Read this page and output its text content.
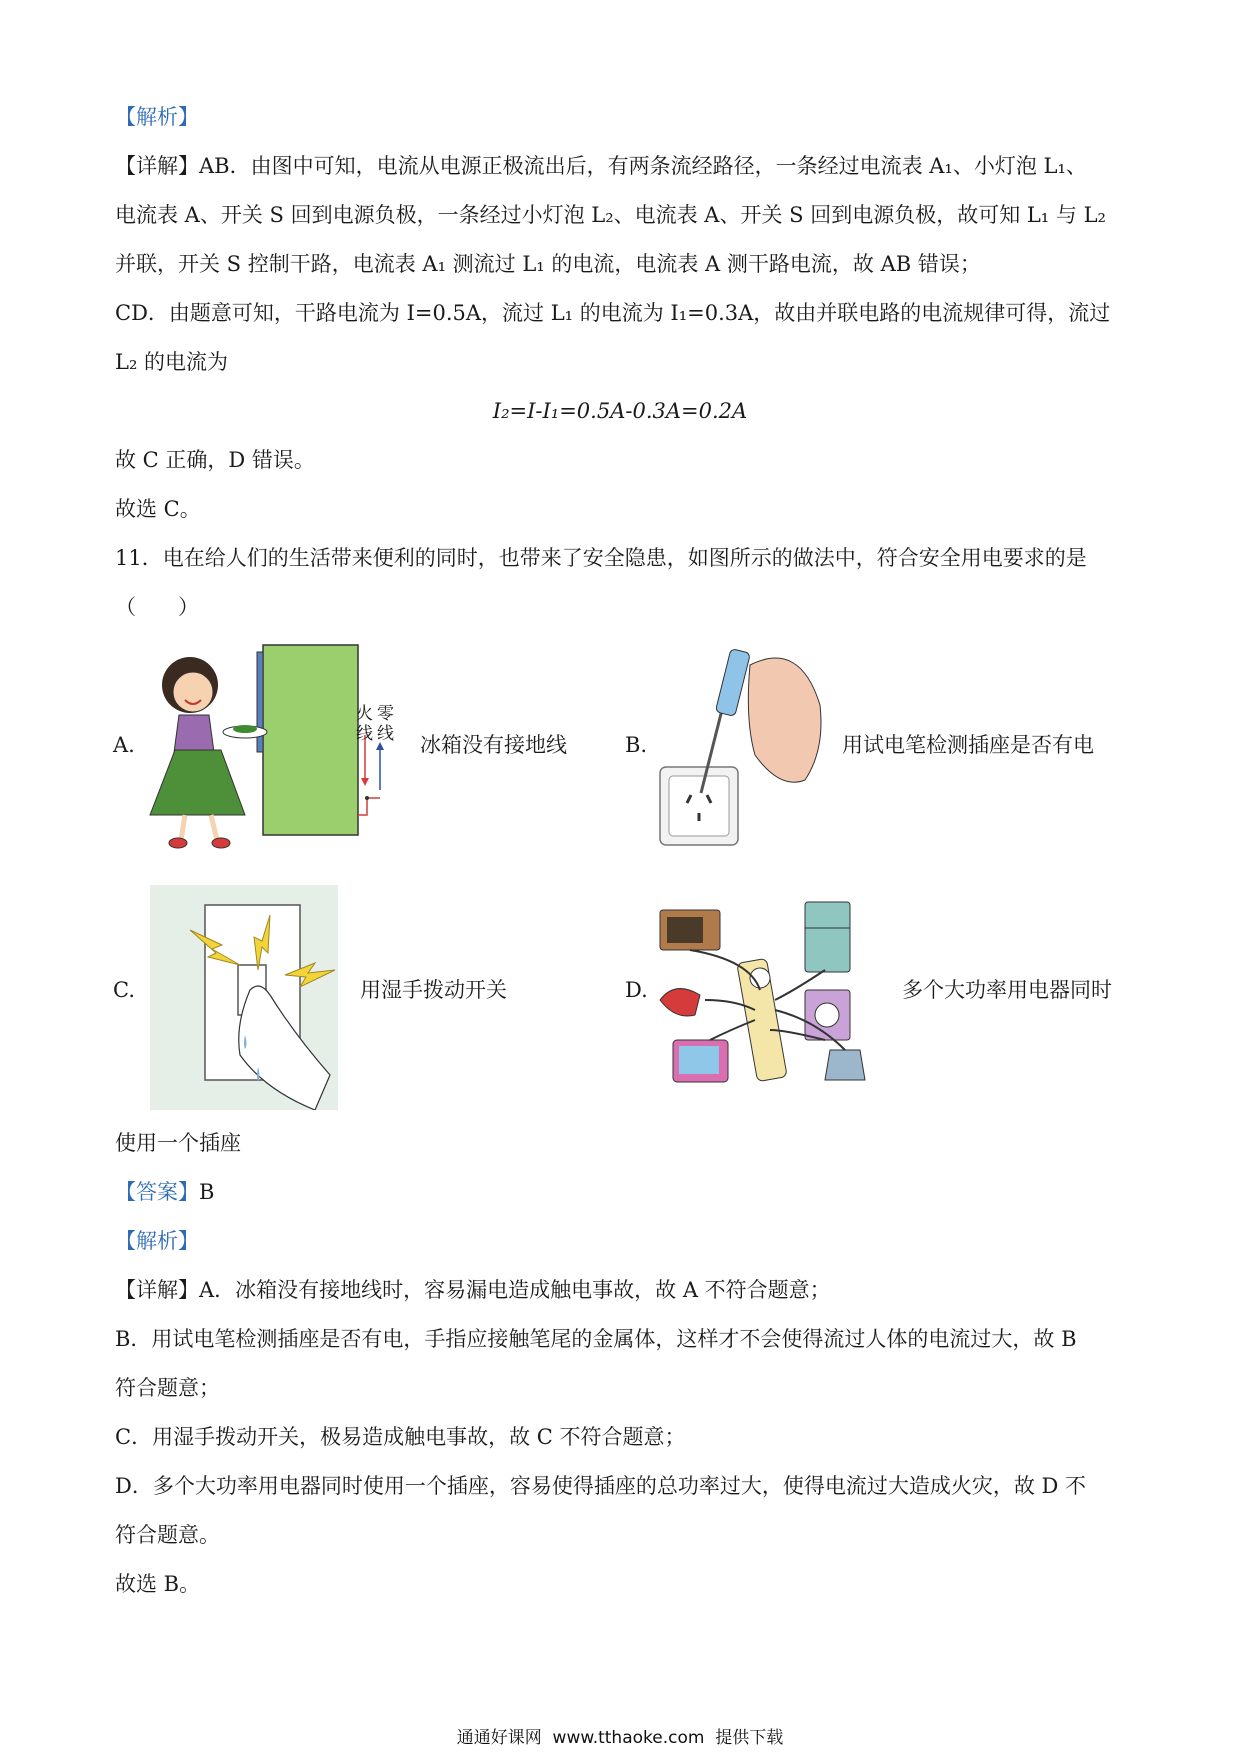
【解析】
【详解】AB．由图中可知，电流从电源正极流出后，有两条流经路径，一条经过电流表 A₁、小灯泡 L₁、
电流表 A、开关 S 回到电源负极，一条经过小灯泡 L₂、电流表 A、开关 S 回到电源负极，故可知 L₁ 与 L₂
并联，开关 S 控制干路，电流表 A₁ 测流过 L₁ 的电流，电流表 A 测干路电流，故 AB 错误；
CD．由题意可知，干路电流为 I=0.5A，流过 L₁ 的电流为 I₁=0.3A，故由并联电路的电流规律可得，流过
L₂ 的电流为
I₂=I-I₁=0.5A-0.3A=0.2A
故 C 正确，D 错误。
故选 C。
11．电在给人们的生活带来便利的同时，也带来了安全隐患，如图所示的做法中，符合安全用电要求的是
（　　）
A.
火
线
零
线 冰箱没有接地线	B.	用试电笔检测插座是否有电
C.	用湿手拨动开关	D.	多个大功率用电器同时
使用一个插座
【答案】B
【解析】
【详解】A．冰箱没有接地线时，容易漏电造成触电事故，故 A 不符合题意；
B．用试电笔检测插座是否有电，手指应接触笔尾的金属体，这样才不会使得流过人体的电流过大，故 B
符合题意；
C．用湿手拨动开关，极易造成触电事故，故 C 不符合题意；
D．多个大功率用电器同时使用一个插座，容易使得插座的总功率过大，使得电流过大造成火灾，故 D 不
符合题意。
故选 B。
通通好课网 www.tthaoke.com 提供下载
